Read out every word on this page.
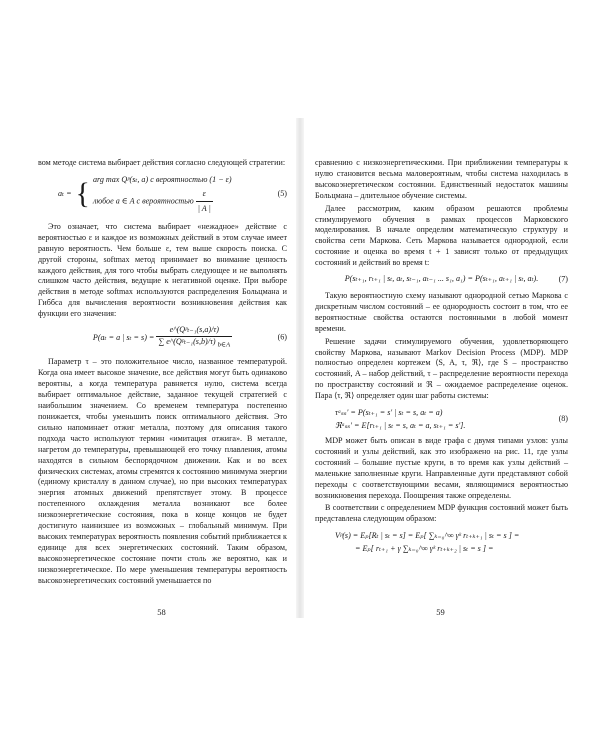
вом методе система выбирает действия согласно следующей стратегии:

aₜ = { arg max Qᵖ(sₜ, a) с вероятностью (1 − ε)
любое a ∈ A с вероятностью $\frac{\varepsilon}{| A |}$	(5)

Это означает, что система выбирает «нежадное» действие с вероятностью ε и каждое из возможных действий в этом случае имеет равную вероятность. Чем больше ε, тем выше скорость поиска. С другой стороны, softmax метод принимает во внимание ценность каждого действия, для того чтобы выбрать следующее и не выполнять слишком часто действия, ведущие к негативной оценке. При выборе действия в методе softmax используются распределения Больцмана и Гиббса для вычисления вероятности возникновения действия как функции его значения:

P(aₜ = a | $s_t = s) = \frac{\text{e\textasciicircum{}(Qᵖₜ₋₁(s,a)/τ)}}{\sum e\^{}(Qᵖ_{t-1}(s,b)/\tau) _{b\in A}}$	(6)

Параметр τ – это положительное число, названное температурой. Когда она имеет высокое значение, все действия могут быть одинаково вероятны, а когда температура равняется нулю, система всегда выбирает оптимальное действие, заданное текущей стратегией с наибольшим значением. Со временем температура постепенно понижается, чтобы уменьшить поиск оптимального действия. Это сильно напоминает отжиг металла, поэтому для описания такого подхода часто используют термин «имитация отжига». В металле, нагретом до температуры, превышающей его точку плавления, атомы находятся в сильном беспорядочном движении. Как и во всех физических системах, атомы стремятся к состоянию минимума энергии (единому кристаллу в данном случае), но при высоких температурах энергия атомных движений препятствует этому. В процессе постепенного охлаждения металла возникают все более низкоэнергетические состояния, пока в конце концов не будет достигнуто наинизшее из возможных – глобальный минимум. При высоких температурах вероятность появления событий приближается к единице для всех энергетических состояний. Таким образом, высокоэнергетическое состояние почти столь же вероятно, как и низкоэнергетическое. По мере уменьшения температуры вероятность высокоэнергетических состояний уменьшается по

58

сравнению с низкоэнергетическими. При приближении температуры к нулю становится весьма маловероятным, чтобы система находилась в высокоэнергетическом состоянии. Единственный недостаток машины Больцмана – длительное обучение системы.

Далее рассмотрим, каким образом решаются проблемы стимулируемого обучения в рамках процессов Марковского моделирования. В начале определим математическую структуру и свойства сети Маркова. Сеть Маркова называется однородной, если состояние и оценка во время t + 1 зависят только от предыдущих состояний и действий во время t:

P(sₜ₊₁, rₜ₊₁ | sₜ, aₜ, sₜ₋₁, aₜ₋₁ ... s₁, a₁) = P(sₜ₊₁, aₜ₊₁ | sₜ, aₜ).	(7)

Такую вероятностную схему называют однородной сетью Маркова с дискретным числом состояний – ее однородность состоит в том, что ее вероятностные свойства остаются постоянными в любой момент времени.

Решение задачи стимулируемого обучения, удовлетворяющего свойству Маркова, называют Markov Decision Process (MDP). MDP полностью определен кортежем ⟨S, A, τ, ℜ⟩, где S – пространство состояний, A – набор действий, τ – распределение вероятности перехода по пространству состояний и ℜ – ожидаемое распределение оценок. Пара ⟨τ, ℜ⟩ определяет один шаг работы системы:

τᵃₛₛ' = P(sₜ₊₁ = s' | sₜ = s, aₜ = a)
ℜᵃₛₛ' = E[rₜ₊₁ | sₜ = s, aₜ = a, sₜ₊₁ = s'].
(8)

MDP может быть описан в виде графа с двумя типами узлов: узлы состояний и узлы действий, как это изображено на рис. 11, где узлы состояний – большие пустые круги, в то время как узлы действий – маленькие заполненные круги. Направленные дуги представляют собой переходы с соответствующими весами, являющимися вероятностью возникновения перехода. Поощрения также определены.

В соответствии с определением MDP функция состояний может быть представлена следующим образом:

Vᵖ(s) = Eₚ[Rₜ | sₜ = s] = Eₚ[ ∑ₖ₌₀^∞ γᵏ rₜ₊ₖ₊₁ | sₜ = s ] =
= Eₚ[ rₜ₊₁ + γ ∑ₖ₌₀^∞ γᵏ rₜ₊ₖ₊₂ | sₜ = s ] =
59
